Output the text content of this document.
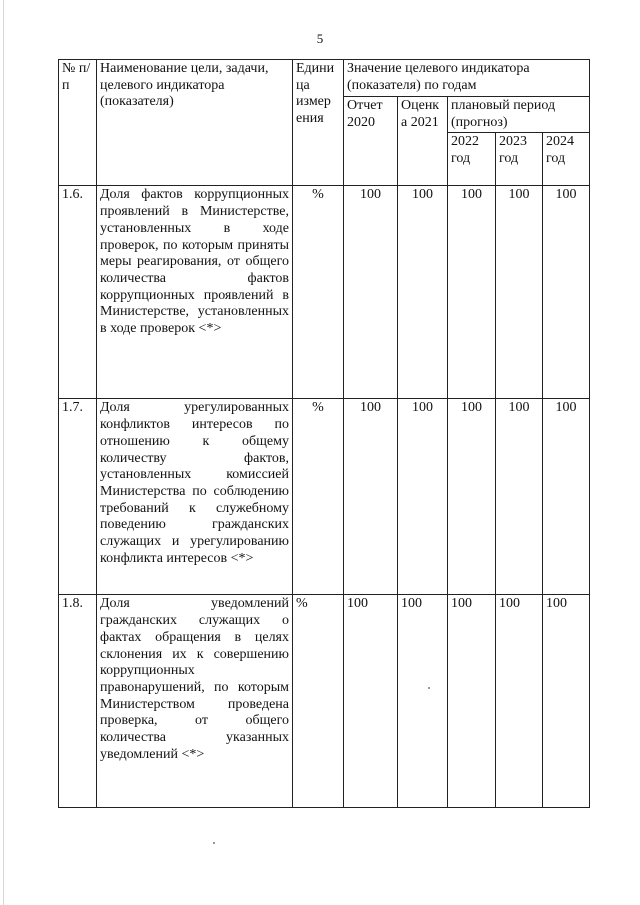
5
№ п/п	Наименование цели, задачи, целевого индикатора (показателя)	Едини ца измер ения	Значение целевого индикатора (показателя) по годам				
			Отчет 2020	Оценк а 2021	плановый период (прогноз)		
					2022 год	2023 год	2024 год
1.6.	Доля фактов коррупционных проявлений в Министерстве, установленных в ходе проверок, по которым приняты меры реагирования, от общего количества фактов коррупционных проявлений в Министерстве, установленных в ходе проверок <*>	%	100	100	100	100	100
1.7.	Доля урегулированных конфликтов интересов по отношению к общему количеству фактов, установленных комиссией Министерства по соблюдению требований к служебному поведению гражданских служащих и урегулированию конфликта интересов <*>	%	100	100	100	100	100
1.8.	Доля уведомлений гражданских служащих о фактах обращения в целях склонения их к совершению коррупционных правонарушений, по которым Министерством проведена проверка, от общего количества указанных уведомлений <*>	%	100	100	100	100	100
